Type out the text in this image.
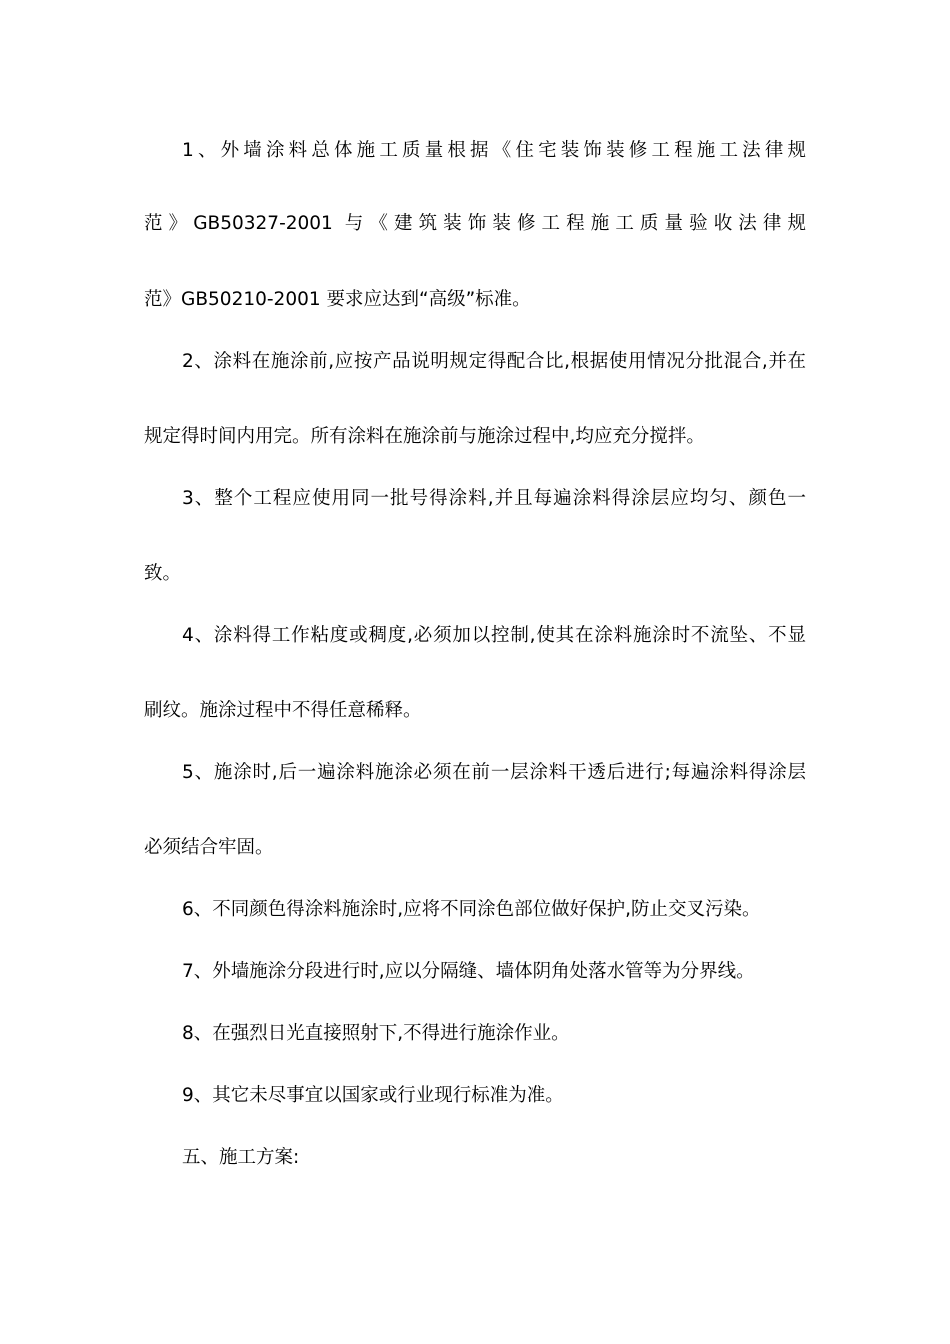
1、外墙涂料总体施工质量根据《住宅装饰装修工程施工法律规
范》GB50327-2001 与《建筑装饰装修工程施工质量验收法律规
范》GB50210-2001 要求应达到“高级”标准。
2、涂料在施涂前,应按产品说明规定得配合比,根据使用情况分批混合,并在
规定得时间内用完。所有涂料在施涂前与施涂过程中,均应充分搅拌。
3、整个工程应使用同一批号得涂料,并且每遍涂料得涂层应均匀、颜色一
致。
4、涂料得工作粘度或稠度,必须加以控制,使其在涂料施涂时不流坠、不显
刷纹。施涂过程中不得任意稀释。
5、施涂时,后一遍涂料施涂必须在前一层涂料干透后进行;每遍涂料得涂层
必须结合牢固。
6、不同颜色得涂料施涂时,应将不同涂色部位做好保护,防止交叉污染。
7、外墙施涂分段进行时,应以分隔缝、墙体阴角处落水管等为分界线。
8、在强烈日光直接照射下,不得进行施涂作业。
9、其它未尽事宜以国家或行业现行标准为准。
五、施工方案:
